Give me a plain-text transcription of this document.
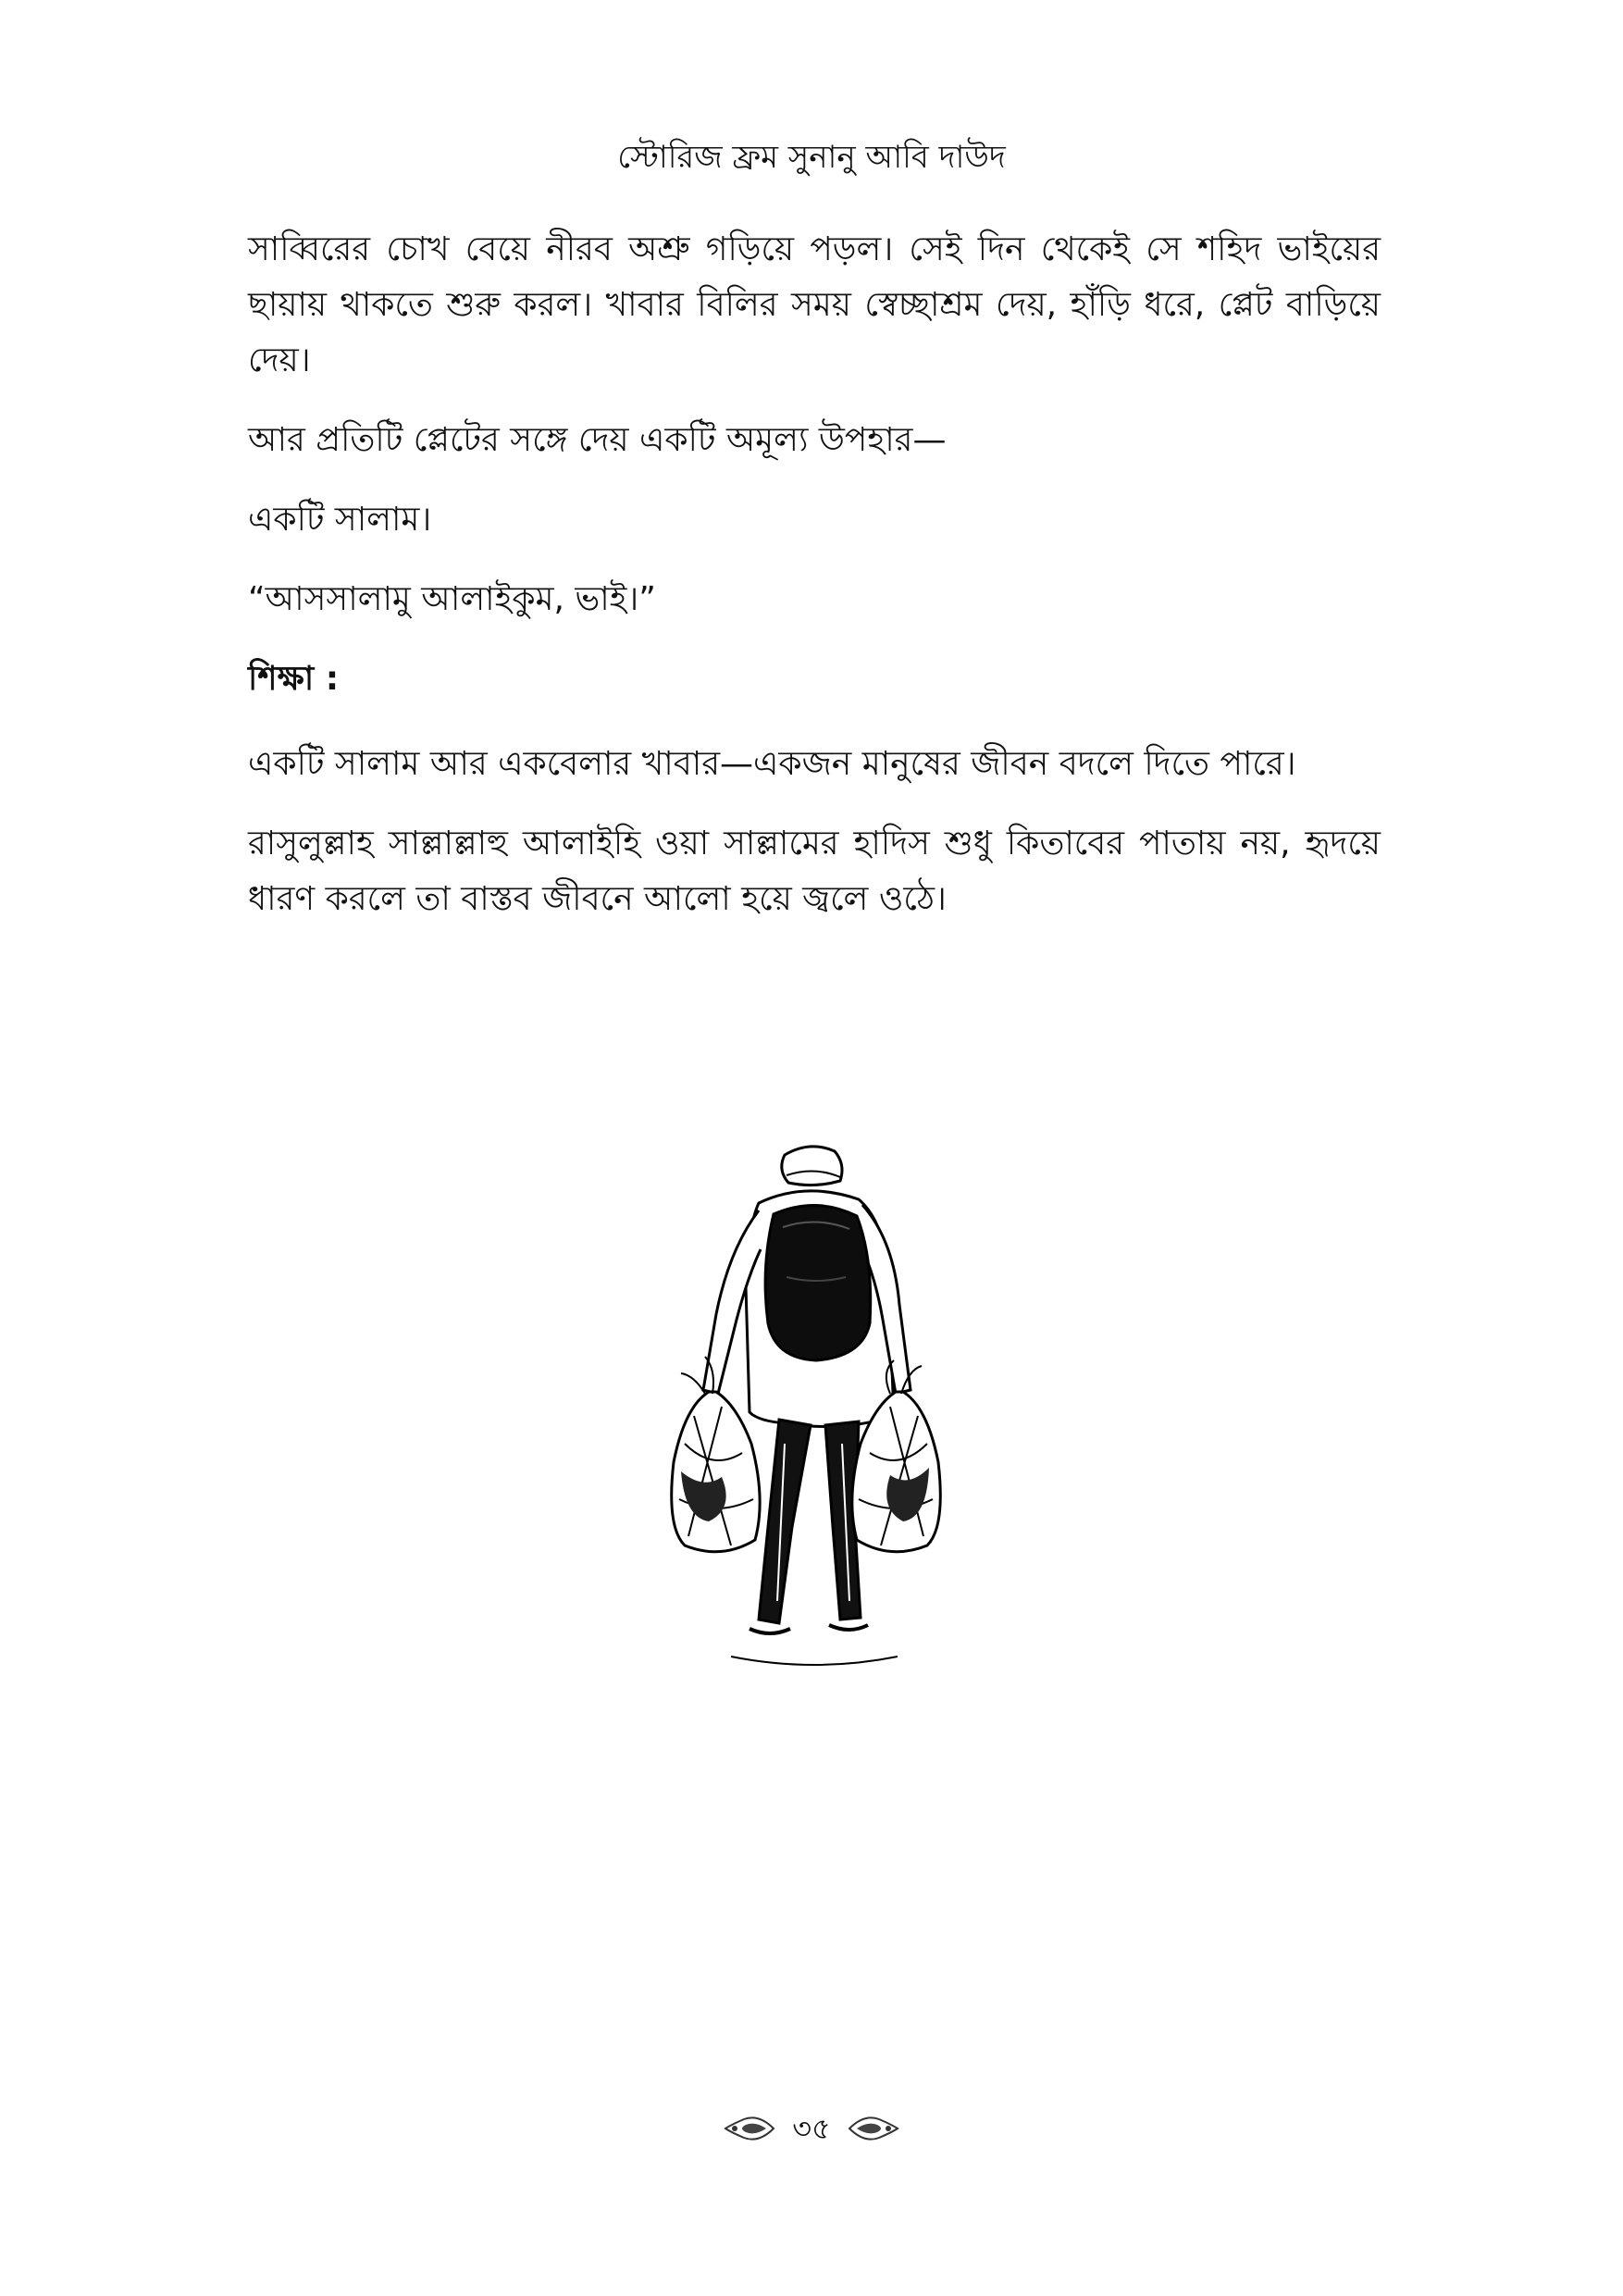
স্টোরিজ ফ্রম সুনানু আবি দাউদ

সাব্বিরের চোখ বেয়ে নীরব অশ্রু গড়িয়ে পড়ল। সেই দিন থেকেই সে শহিদ ভাইয়ের ছায়ায় থাকতে শুরু করল। খাবার বিলির সময় স্বেচ্ছাশ্রম দেয়, হাঁড়ি ধরে, প্লেট বাড়িয়ে দেয়।

আর প্রতিটি প্লেটের সঙ্গে দেয় একটি অমূল্য উপহার—

একটি সালাম।

“আসসালামু আলাইকুম, ভাই।”

শিক্ষা :

একটি সালাম আর একবেলার খাবার—একজন মানুষের জীবন বদলে দিতে পারে।

রাসুলুল্লাহ সাল্লাল্লাহু আলাইহি ওয়া সাল্লামের হাদিস শুধু কিতাবের পাতায় নয়, হৃদয়ে ধারণ করলে তা বাস্তব জীবনে আলো হয়ে জ্বলে ওঠে।

৩৫
